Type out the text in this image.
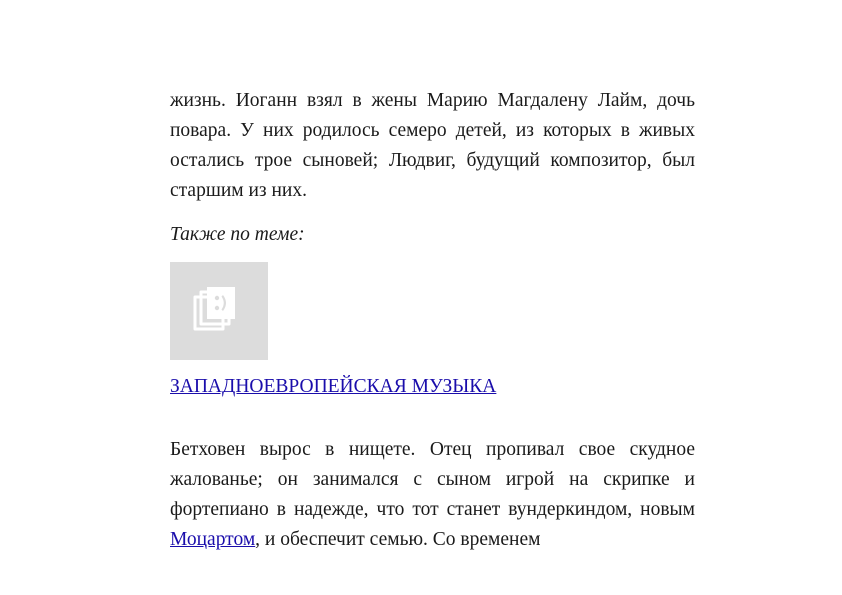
жизнь. Иоганн взял в жены Марию Магдалену Лайм, дочь повара. У них родилось семеро детей, из которых в живых остались трое сыновей; Людвиг, будущий композитор, был старшим из них.

Также по теме:

ЗАПАДНОЕВРОПЕЙСКАЯ МУЗЫКА

Бетховен вырос в нищете. Отец пропивал свое скудное жалованье; он занимался с сыном игрой на скрипке и фортепиано в надежде, что тот станет вундеркиндом, новым Моцартом, и обеспечит семью. Со временем
